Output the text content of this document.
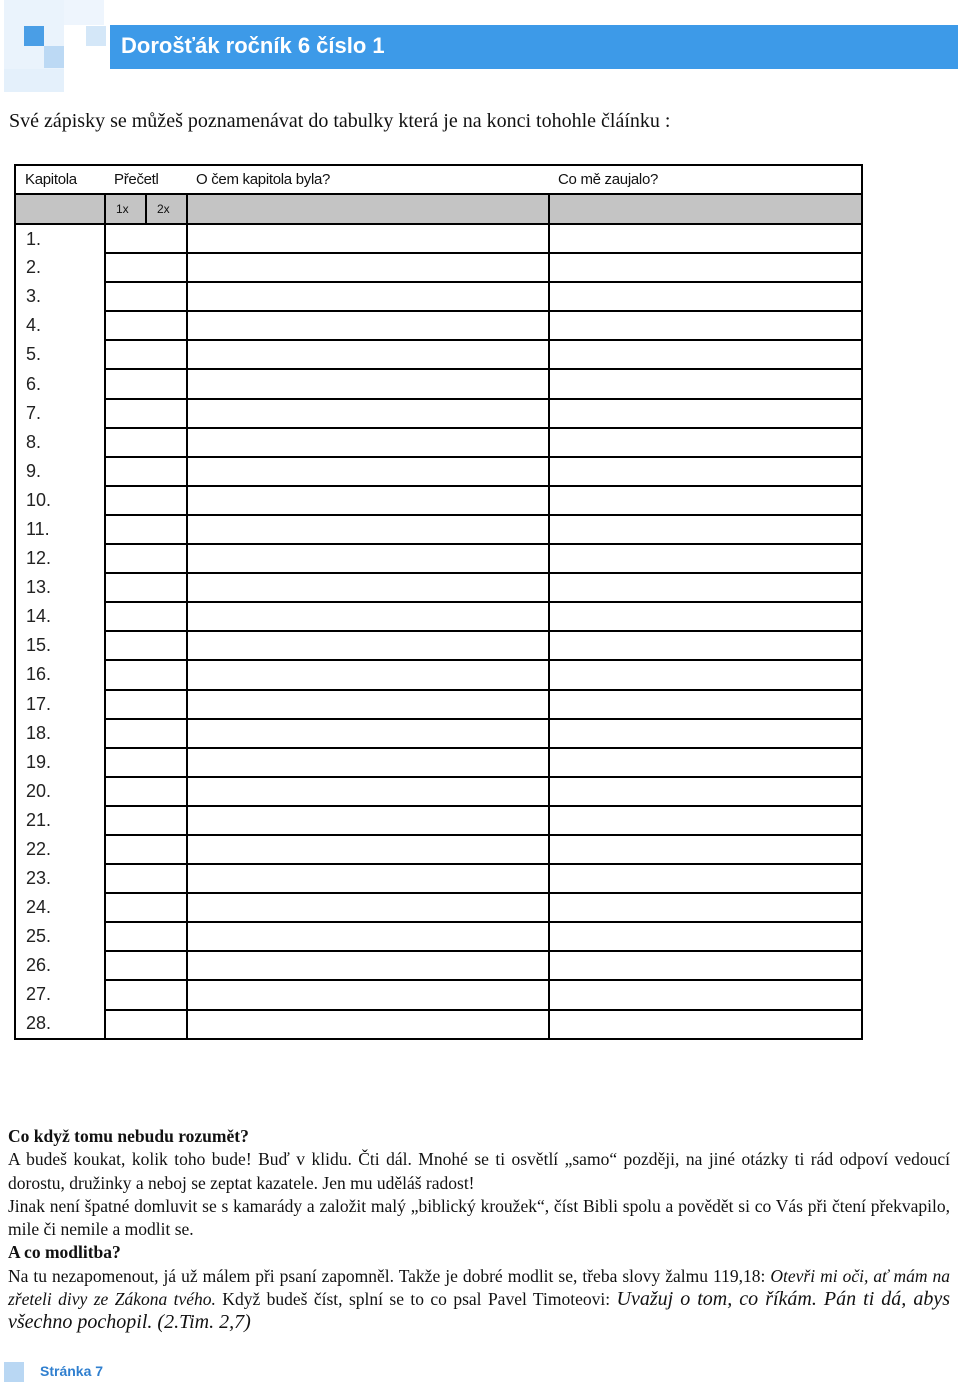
Dorošťák ročník 6 číslo 1
Své zápisky se můžeš poznamenávat do tabulky která je na konci tohohle čláínku :
Kapitola	Přečetl		O čem kapitola byla?	Co mě zaujalo?
	1x	2x		
1.				
2.				
3.				
4.				
5.				
6.				
7.				
8.				
9.				
10.				
11.				
12.				
13.				
14.				
15.				
16.				
17.				
18.				
19.				
20.				
21.				
22.				
23.				
24.				
25.				
26.				
27.				
28.				

Co když tomu nebudu rozumět?

A budeš koukat, kolik toho bude! Buď v klidu. Čti dál. Mnohé se ti osvětlí „samo“ později, na jiné otázky ti rád odpoví vedoucí dorostu, družinky a neboj se zeptat kazatele. Jen mu uděláš radost!

Jinak není špatné domluvit se s kamarády a založit malý „biblický kroužek“, číst Bibli spolu a povědět si co Vás při čtení překvapilo, mile či nemile a modlit se.

A co modlitba?

Na tu nezapomenout, já už málem při psaní zapomněl. Takže je dobré modlit se, třeba slovy žalmu 119,18: Otevři mi oči, ať mám na zřeteli divy ze Zákona tvého. Když budeš číst, splní se to co psal Pavel Timoteovi: Uvažuj o tom, co říkám. Pán ti dá, abys všechno pochopil. (2.Tim. 2,7)

Stránka 7
